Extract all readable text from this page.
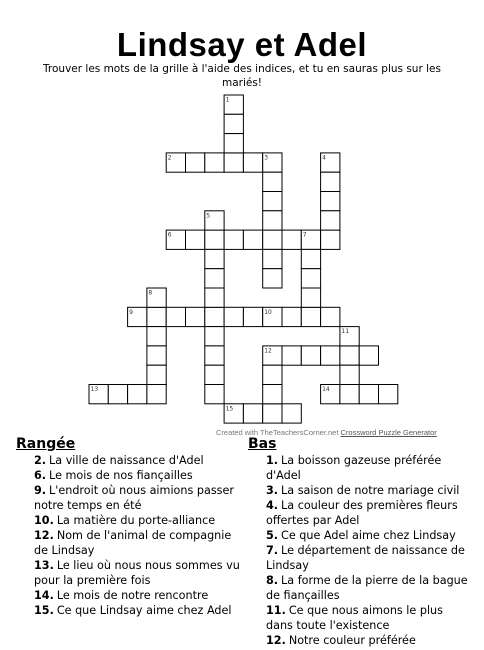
Lindsay et Adel
Trouver les mots de la grille à l'aide des indices, et tu en sauras plus sur les mariés!
1
2	3	4
5
6	7
8
9	10
11
12
13	14
15
Created with TheTeachersCorner.net Crossword Puzzle Generator
Rangée
2. La ville de naissance d'Adel
6. Le mois de nos fiançailles
9. L'endroit où nous aimions passer notre temps en été
10. La matière du porte-alliance
12. Nom de l'animal de compagnie de Lindsay
13. Le lieu où nous nous sommes vu pour la première fois
14. Le mois de notre rencontre
15. Ce que Lindsay aime chez Adel
Bas
1. La boisson gazeuse préférée d'Adel
3. La saison de notre mariage civil
4. La couleur des premières fleurs offertes par Adel
5. Ce que Adel aime chez Lindsay
7. Le département de naissance de Lindsay
8. La forme de la pierre de la bague de fiançailles
11. Ce que nous aimons le plus dans toute l'existence
12. Notre couleur préférée
